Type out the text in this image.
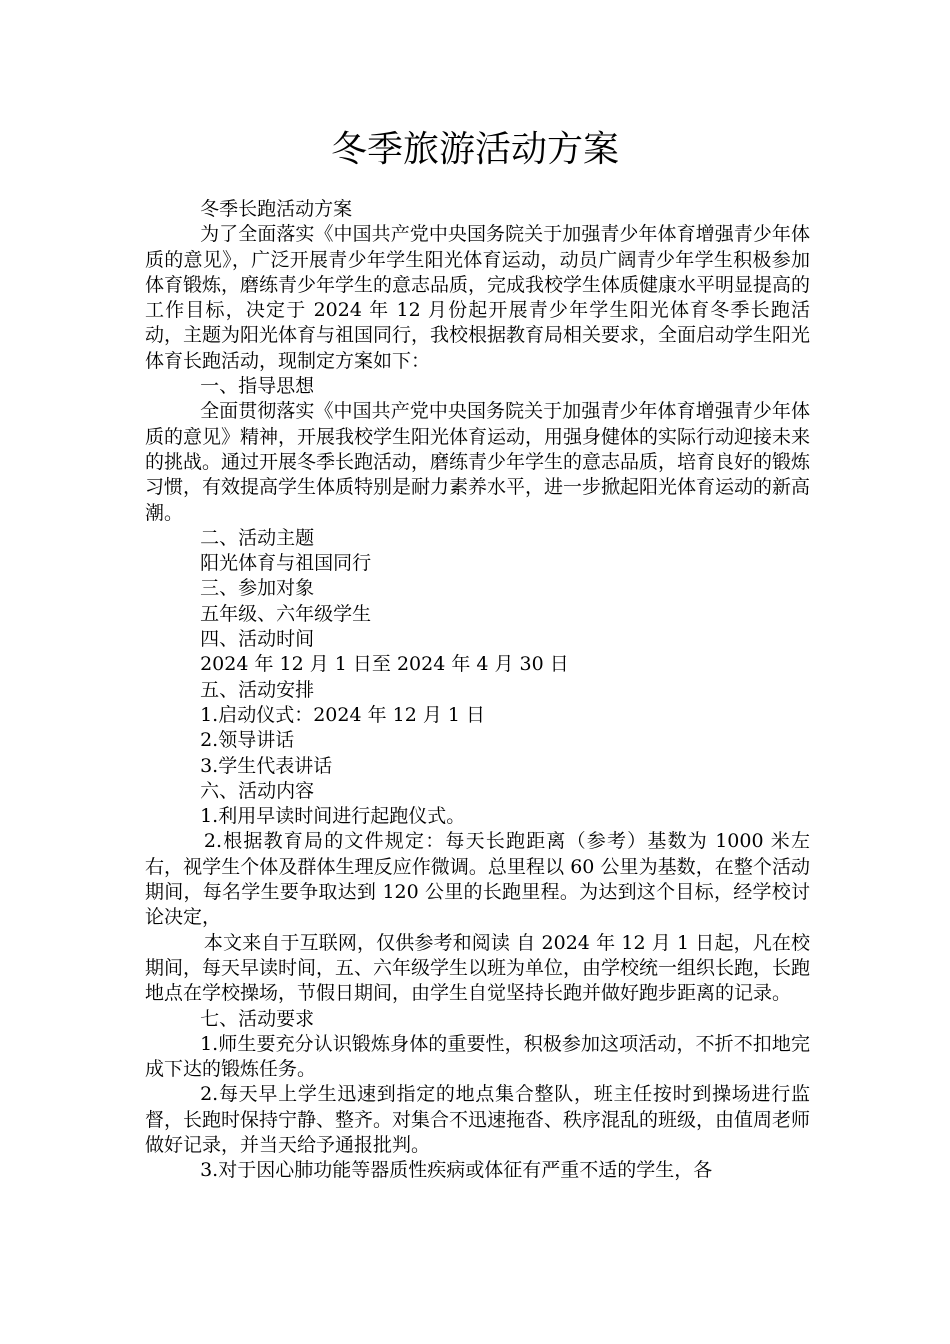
冬季旅游活动方案

冬季长跑活动方案

为了全面落实《中国共产党中央国务院关于加强青少年体育增强青少年体质的意见》，广泛开展青少年学生阳光体育运动，动员广阔青少年学生积极参加体育锻炼，磨练青少年学生的意志品质，完成我校学生体质健康水平明显提高的工作目标，决定于 2024 年 12 月份起开展青少年学生阳光体育冬季长跑活动，主题为阳光体育与祖国同行，我校根据教育局相关要求，全面启动学生阳光体育长跑活动，现制定方案如下：

一、指导思想

全面贯彻落实《中国共产党中央国务院关于加强青少年体育增强青少年体质的意见》精神，开展我校学生阳光体育运动，用强身健体的实际行动迎接未来的挑战。通过开展冬季长跑活动，磨练青少年学生的意志品质，培育良好的锻炼习惯，有效提高学生体质特别是耐力素养水平，进一步掀起阳光体育运动的新高潮。

二、活动主题

阳光体育与祖国同行

三、参加对象

五年级、六年级学生

四、活动时间

2024 年 12 月 1 日至 2024 年 4 月 30 日

五、活动安排

1.启动仪式：2024 年 12 月 1 日

2.领导讲话

3.学生代表讲话

六、活动内容

1.利用早读时间进行起跑仪式。

2.根据教育局的文件规定：每天长跑距离（参考）基数为 1000 米左右，视学生个体及群体生理反应作微调。总里程以 60 公里为基数，在整个活动期间，每名学生要争取达到 120 公里的长跑里程。为达到这个目标，经学校讨论决定，

本文来自于互联网，仅供参考和阅读 自 2024 年 12 月 1 日起，凡在校期间，每天早读时间，五、六年级学生以班为单位，由学校统一组织长跑，长跑地点在学校操场，节假日期间，由学生自觉坚持长跑并做好跑步距离的记录。

七、活动要求

1.师生要充分认识锻炼身体的重要性，积极参加这项活动，不折不扣地完成下达的锻炼任务。

2.每天早上学生迅速到指定的地点集合整队，班主任按时到操场进行监督，长跑时保持宁静、整齐。对集合不迅速拖沓、秩序混乱的班级，由值周老师做好记录，并当天给予通报批判。

3.对于因心肺功能等器质性疾病或体征有严重不适的学生，各
